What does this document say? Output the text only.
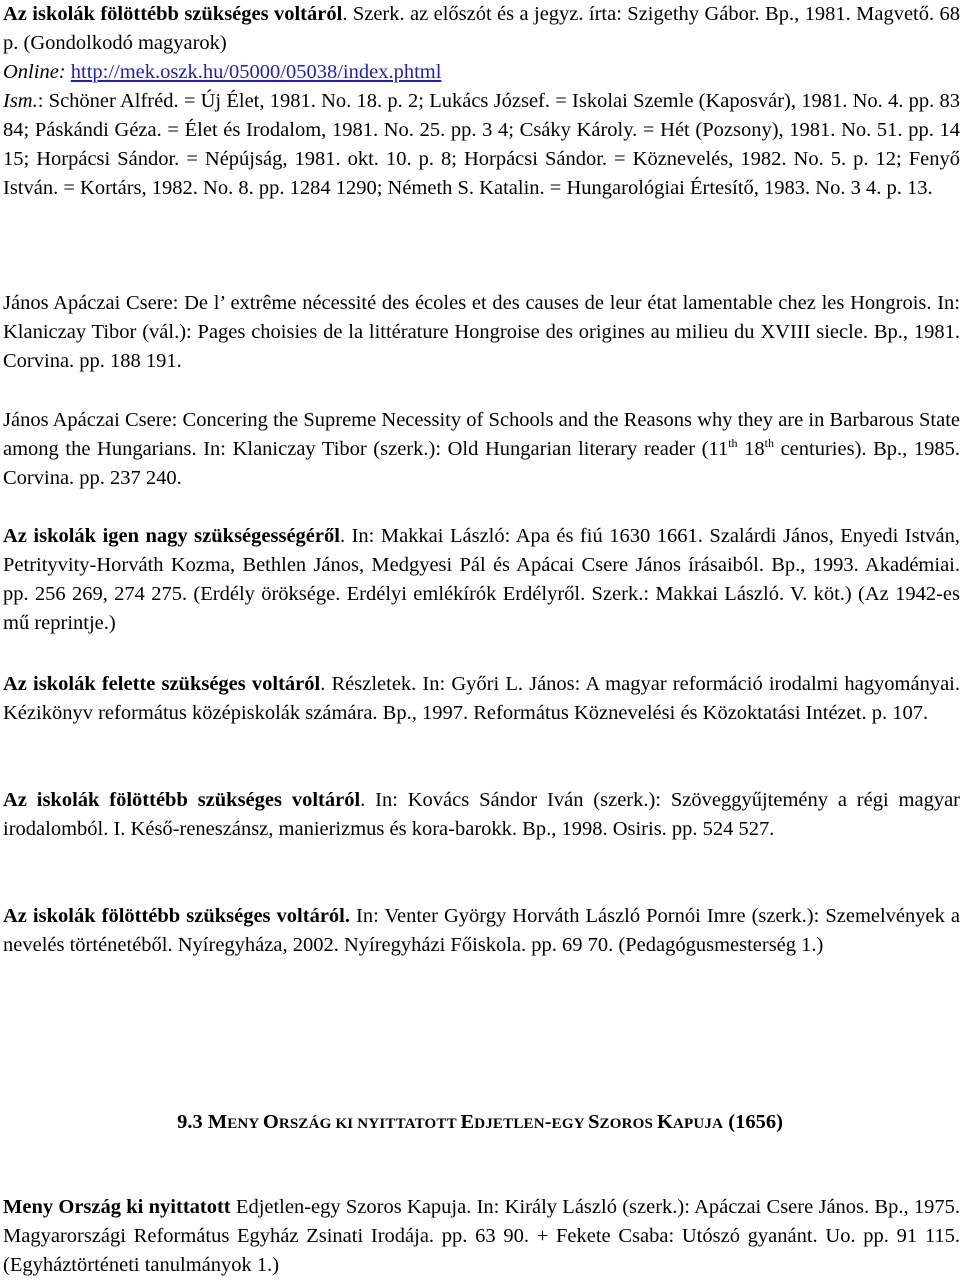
Az iskolák fölöttébb szükséges voltáról. Szerk. az előszót és a jegyz. írta: Szigethy Gábor. Bp., 1981. Magvető. 68 p. (Gondolkodó magyarok)
Online: http://mek.oszk.hu/05000/05038/index.phtml
Ism.: Schöner Alfréd. = Új Élet, 1981. No. 18. p. 2; Lukács József. = Iskolai Szemle (Kaposvár), 1981. No. 4. pp. 83 84; Páskándi Géza. = Élet és Irodalom, 1981. No. 25. pp. 3 4; Csáky Károly. = Hét (Pozsony), 1981. No. 51. pp. 14 15; Horpácsi Sándor. = Népújság, 1981. okt. 10. p. 8; Horpácsi Sándor. = Köznevelés, 1982. No. 5. p. 12; Fenyő István. = Kortárs, 1982. No. 8. pp. 1284 1290; Németh S. Katalin. = Hungarológiai Értesítő, 1983. No. 3 4. p. 13.
János Apáczai Csere: De l’ extrême nécessité des écoles et des causes de leur état lamentable chez les Hongrois. In: Klaniczay Tibor (vál.): Pages choisies de la littérature Hongroise des origines au milieu du XVIII siecle. Bp., 1981. Corvina. pp. 188 191.
János Apáczai Csere: Concering the Supreme Necessity of Schools and the Reasons why they are in Barbarous State among the Hungarians. In: Klaniczay Tibor (szerk.): Old Hungarian literary reader (11th 18th centuries). Bp., 1985. Corvina. pp. 237 240.
Az iskolák igen nagy szükségességéről. In: Makkai László: Apa és fiú 1630 1661. Szalárdi János, Enyedi István, Petrityvity-Horváth Kozma, Bethlen János, Medgyesi Pál és Apácai Csere János írásaiból. Bp., 1993. Akadémiai. pp. 256 269, 274 275. (Erdély öröksége. Erdélyi emlékírók Erdélyről. Szerk.: Makkai László. V. köt.) (Az 1942-es mű reprintje.)
Az iskolák felette szükséges voltáról. Részletek. In: Győri L. János: A magyar reformáció irodalmi hagyományai. Kézikönyv református középiskolák számára. Bp., 1997. Református Köznevelési és Közoktatási Intézet. p. 107.
Az iskolák fölöttébb szükséges voltáról. In: Kovács Sándor Iván (szerk.): Szöveggyűjtemény a régi magyar irodalomból. I. Késő-reneszánsz, manierizmus és kora-barokk. Bp., 1998. Osiris. pp. 524 527.
Az iskolák fölöttébb szükséges voltáról. In: Venter György Horváth László Pornói Imre (szerk.): Szemelvények a nevelés történetéből. Nyíregyháza, 2002. Nyíregyházi Főiskola. pp. 69 70. (Pedagógusmesterség 1.)
9.3 MENY ORSZÁG KI NYITTATOTT EDJETLEN-EGY SZOROS KAPUJA (1656)
Meny Ország ki nyittatott Edjetlen-egy Szoros Kapuja. In: Király László (szerk.): Apáczai Csere János. Bp., 1975. Magyarországi Református Egyház Zsinati Irodája. pp. 63 90. + Fekete Csaba: Utószó gyanánt. Uo. pp. 91 115. (Egyháztörténeti tanulmányok 1.)
